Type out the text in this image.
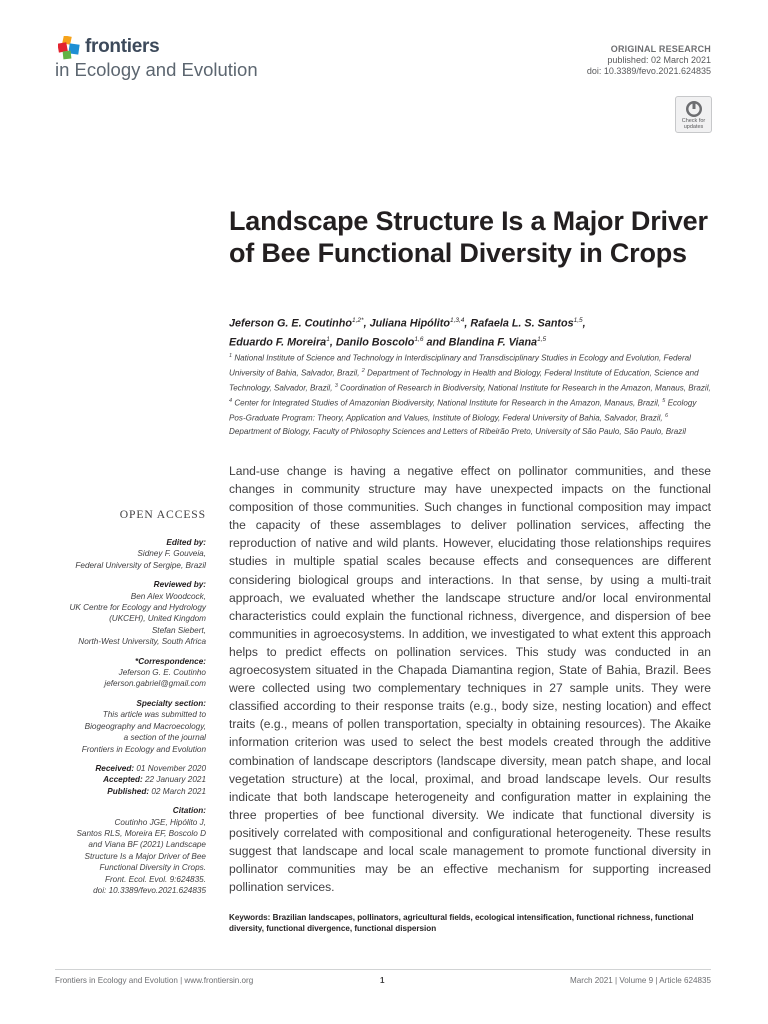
frontiers
in Ecology and Evolution
ORIGINAL RESEARCH
published: 02 March 2021
doi: 10.3389/fevo.2021.624835
Check for
updates
Landscape Structure Is a Major Driver of Bee Functional Diversity in Crops
Jeferson G. E. Coutinho$^{1,2*}$, Juliana Hipólito$^{1,3,4}$, Rafaela L. S. Santos$^{1,5}$,
Eduardo F. Moreira$^1$, Danilo Boscolo$^{1,6}$ and Blandina F. Viana$^{1,5}$
$^1$ National Institute of Science and Technology in Interdisciplinary and Transdisciplinary Studies in Ecology and Evolution, Federal University of Bahia, Salvador, Brazil, $^2$ Department of Technology in Health and Biology, Federal Institute of Education, Science and Technology, Salvador, Brazil, $^3$ Coordination of Research in Biodiversity, National Institute for Research in the Amazon, Manaus, Brazil, $^4$ Center for Integrated Studies of Amazonian Biodiversity, National Institute for Research in the Amazon, Manaus, Brazil, $^5$ Ecology Pos-Graduate Program: Theory, Application and Values, Institute of Biology, Federal University of Bahia, Salvador, Brazil, $^6$ Department of Biology, Faculty of Philosophy Sciences and Letters of Ribeirão Preto, University of São Paulo, São Paulo, Brazil

Land-use change is having a negative effect on pollinator communities, and these changes in community structure may have unexpected impacts on the functional composition of those communities. Such changes in functional composition may impact the capacity of these assemblages to deliver pollination services, affecting the reproduction of native and wild plants. However, elucidating those relationships requires studies in multiple spatial scales because effects and consequences are different considering biological groups and interactions. In that sense, by using a multi-trait approach, we evaluated whether the landscape structure and/or local environmental characteristics could explain the functional richness, divergence, and dispersion of bee communities in agroecosystems. In addition, we investigated to what extent this approach helps to predict effects on pollination services. This study was conducted in an agroecosystem situated in the Chapada Diamantina region, State of Bahia, Brazil. Bees were collected using two complementary techniques in 27 sample units. They were classified according to their response traits (e.g., body size, nesting location) and effect traits (e.g., means of pollen transportation, specialty in obtaining resources). The Akaike information criterion was used to select the best models created through the additive combination of landscape descriptors (landscape diversity, mean patch shape, and local vegetation structure) at the local, proximal, and broad landscape levels. Our results indicate that both landscape heterogeneity and configuration matter in explaining the three properties of bee functional diversity. We indicate that functional diversity is positively correlated with compositional and configurational heterogeneity. These results suggest that landscape and local scale management to promote functional diversity in pollinator communities may be an effective mechanism for supporting increased pollination services.

Keywords: Brazilian landscapes, pollinators, agricultural fields, ecological intensification, functional richness, functional diversity, functional divergence, functional dispersion
OPEN ACCESS
Edited by:
Sidney F. Gouveia,
Federal University of Sergipe, Brazil
Reviewed by:
Ben Alex Woodcock,
UK Centre for Ecology and Hydrology
(UKCEH), United Kingdom
Stefan Siebert,
North-West University, South Africa
*Correspondence:
Jeferson G. E. Coutinho
jeferson.gabriel@gmail.com
Specialty section:
This article was submitted to
Biogeography and Macroecology,
a section of the journal
Frontiers in Ecology and Evolution
Received: 01 November 2020
Accepted: 22 January 2021
Published: 02 March 2021
Citation:
Coutinho JGE, Hipólito J,
Santos RLS, Moreira EF, Boscolo D
and Viana BF (2021) Landscape
Structure Is a Major Driver of Bee
Functional Diversity in Crops.
Front. Ecol. Evol. 9:624835.
doi: 10.3389/fevo.2021.624835
Frontiers in Ecology and Evolution | www.frontiersin.org	1	March 2021 | Volume 9 | Article 624835
